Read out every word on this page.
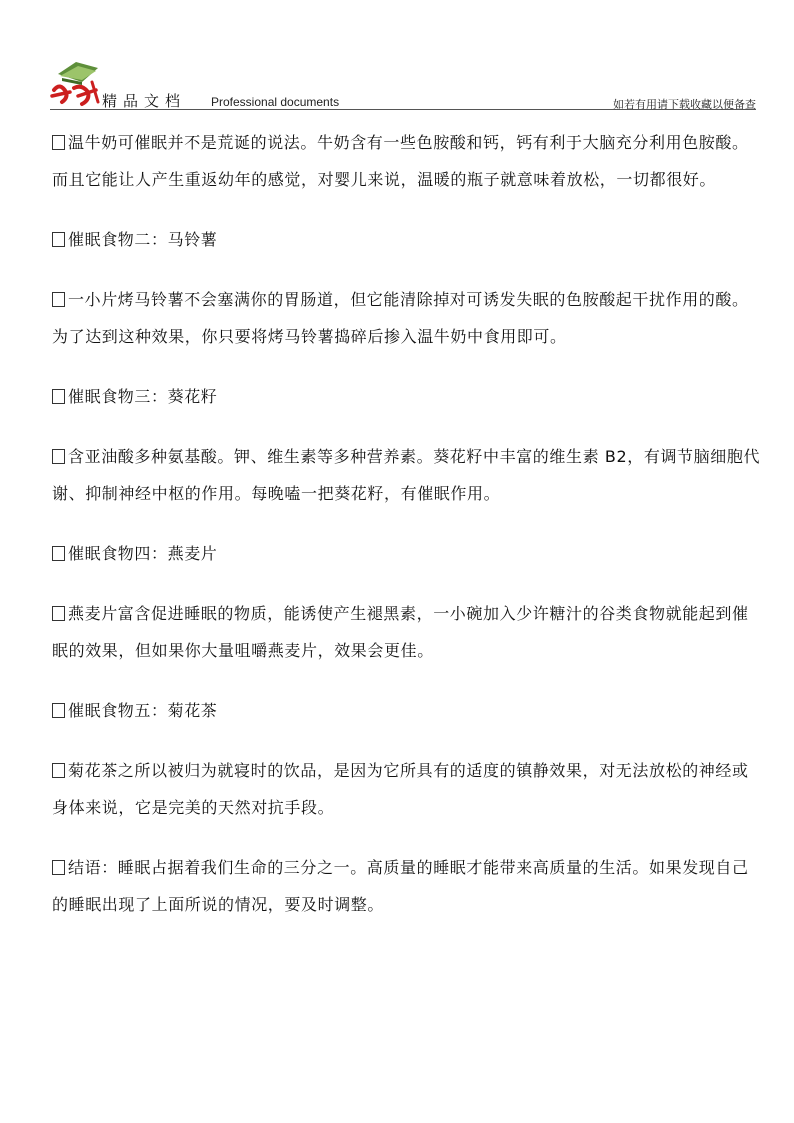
精品文档 Professional documents	如若有用请下载收藏以便备查

温牛奶可催眠并不是荒诞的说法。牛奶含有一些色胺酸和钙，钙有利于大脑充分利用色胺酸。而且它能让人产生重返幼年的感觉，对婴儿来说，温暖的瓶子就意味着放松，一切都很好。

催眠食物二：马铃薯

一小片烤马铃薯不会塞满你的胃肠道，但它能清除掉对可诱发失眠的色胺酸起干扰作用的酸。为了达到这种效果，你只要将烤马铃薯捣碎后掺入温牛奶中食用即可。

催眠食物三：葵花籽

含亚油酸多种氨基酸。钾、维生素等多种营养素。葵花籽中丰富的维生素 B2，有调节脑细胞代谢、抑制神经中枢的作用。每晚嗑一把葵花籽，有催眠作用。

催眠食物四：燕麦片

燕麦片富含促进睡眠的物质，能诱使产生褪黑素，一小碗加入少许糖汁的谷类食物就能起到催眠的效果，但如果你大量咀嚼燕麦片，效果会更佳。

催眠食物五：菊花茶

菊花茶之所以被归为就寝时的饮品，是因为它所具有的适度的镇静效果，对无法放松的神经或身体来说，它是完美的天然对抗手段。

结语：睡眠占据着我们生命的三分之一。高质量的睡眠才能带来高质量的生活。如果发现自己的睡眠出现了上面所说的情况，要及时调整。
